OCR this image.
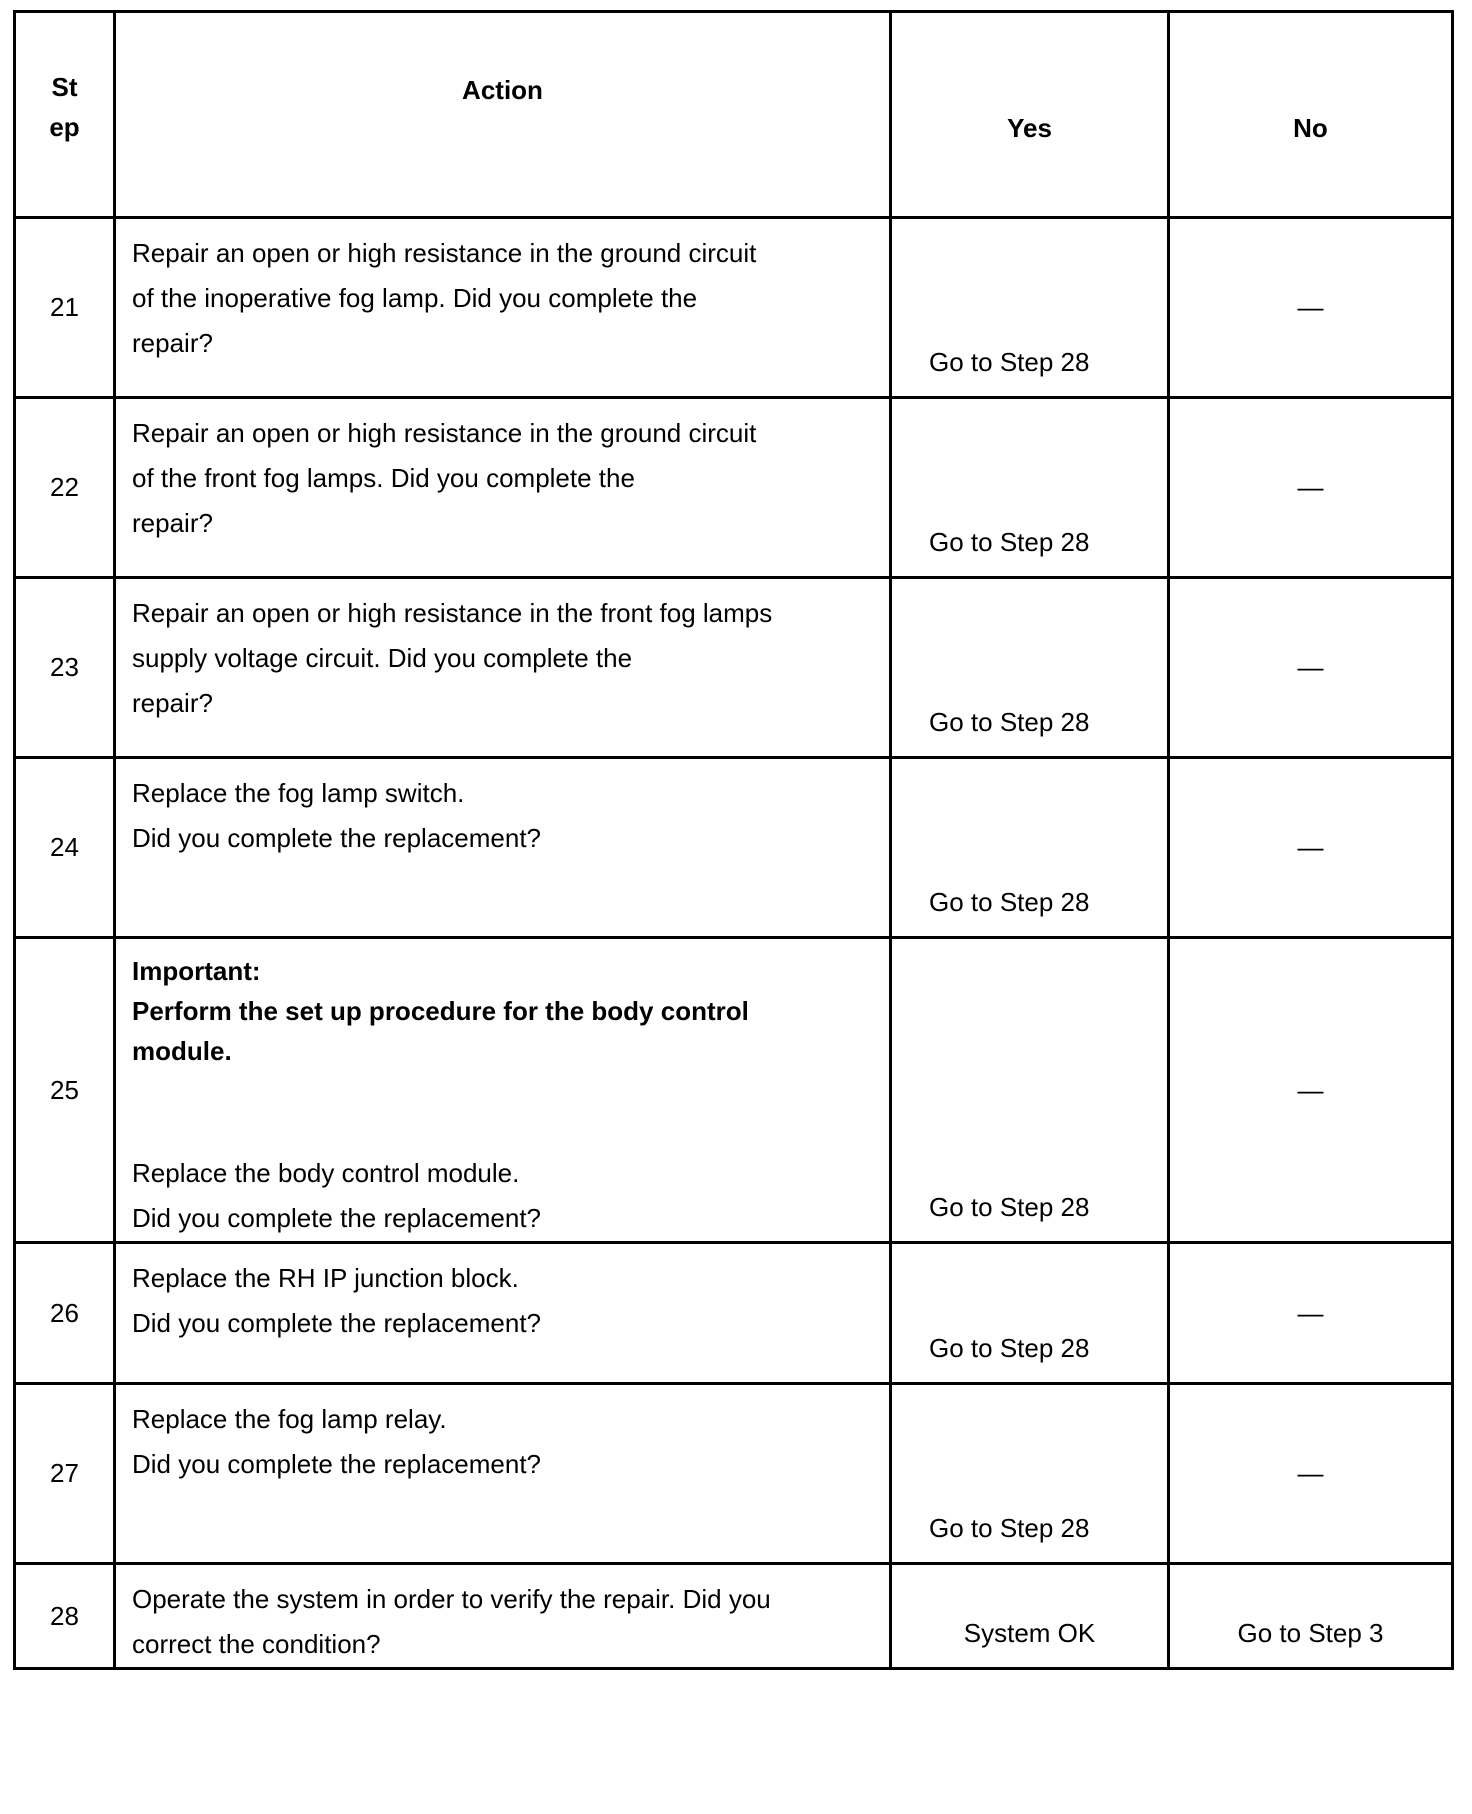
St
ep	Action	Yes	No

21	Repair an open or high resistance in the ground circuit
of the inoperative fog lamp. Did you complete the
repair?	Go to Step 28	—
22	Repair an open or high resistance in the ground circuit
of the front fog lamps. Did you complete the
repair?	Go to Step 28	—
23	Repair an open or high resistance in the front fog lamps
supply voltage circuit. Did you complete the
repair?	Go to Step 28	—
24	Replace the fog lamp switch.
Did you complete the replacement?	Go to Step 28	—
25	Important:
Perform the set up procedure for the body control
module.
Replace the body control module.
Did you complete the replacement?	Go to Step 28	—
26	Replace the RH IP junction block.
Did you complete the replacement?	Go to Step 28	—
27	Replace the fog lamp relay.
Did you complete the replacement?	Go to Step 28	—
28	Operate the system in order to verify the repair. Did you
correct the condition?	System OK	Go to Step 3
